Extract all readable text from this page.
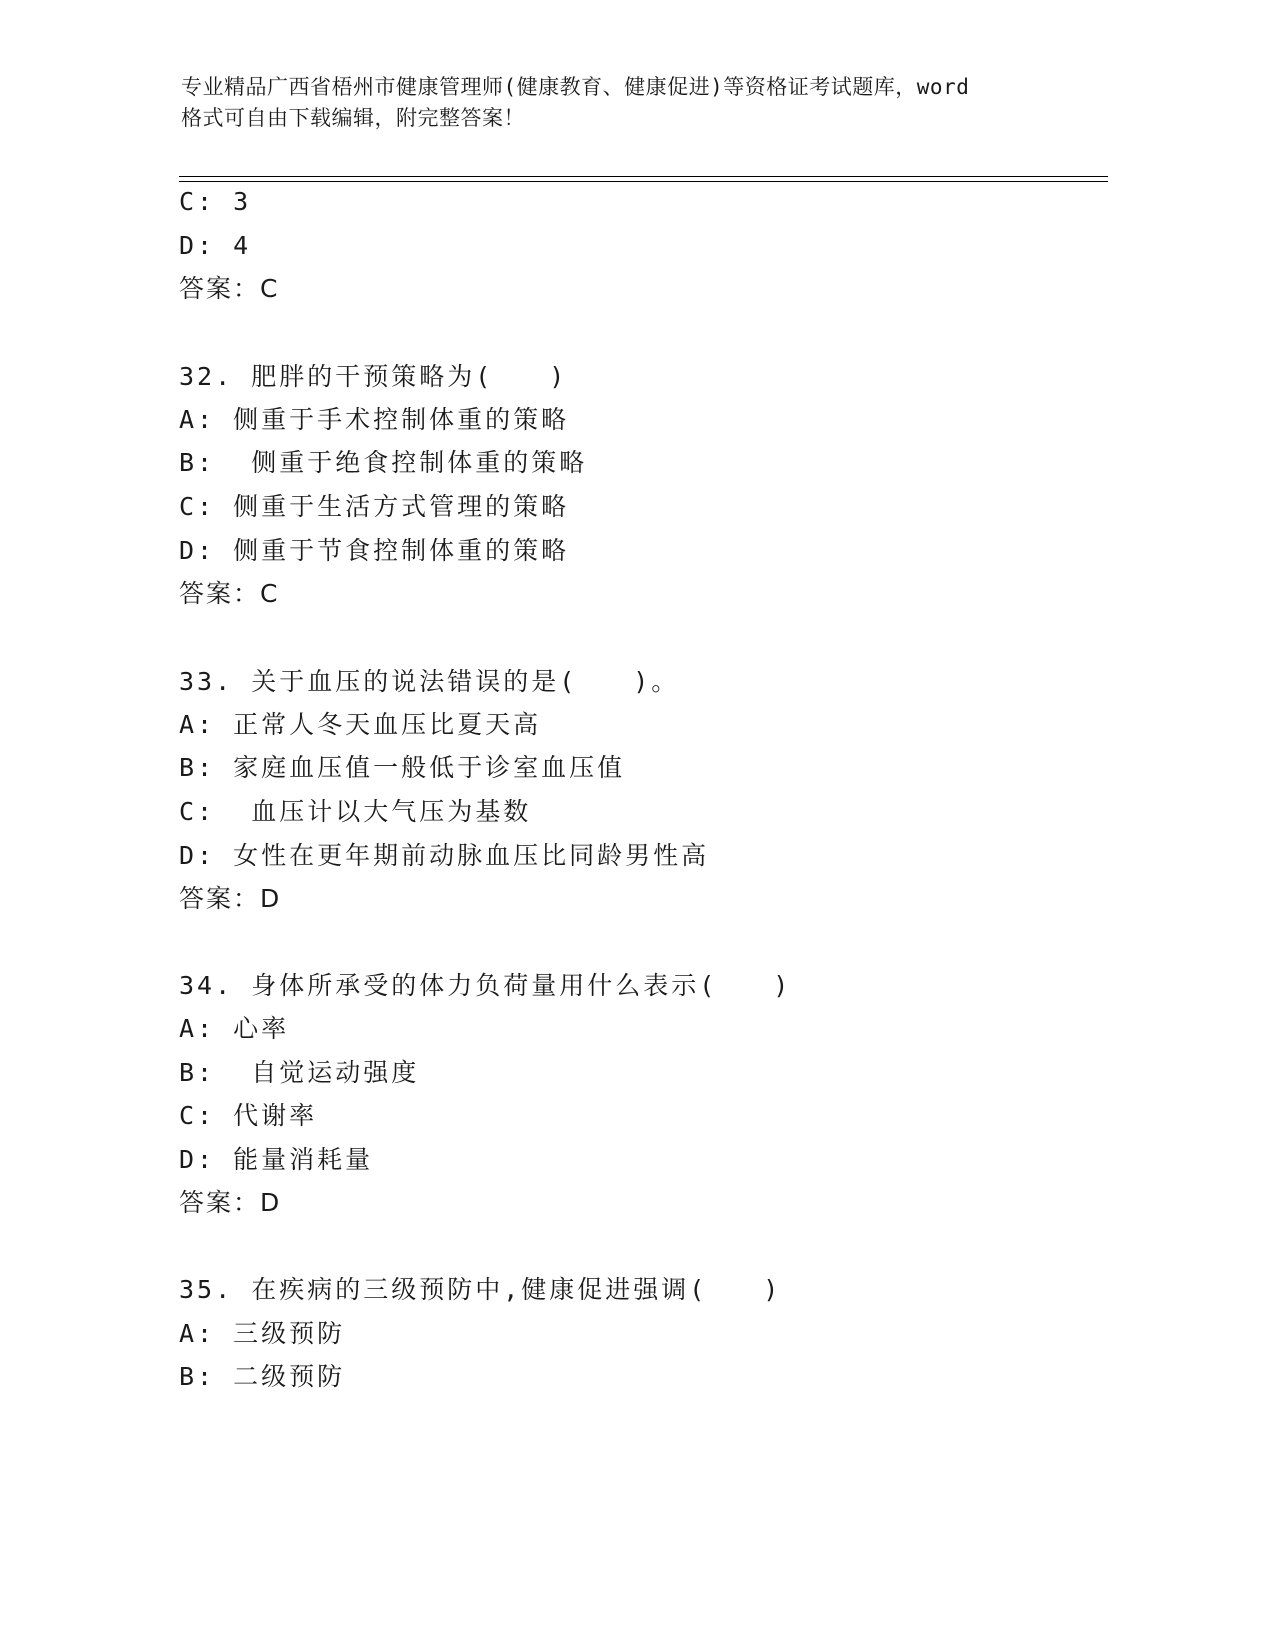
专业精品广西省梧州市健康管理师(健康教育、健康促进)等资格证考试题库，word
格式可自由下载编辑，附完整答案！
C: 3
D: 4
答案：C
32. 肥胖的干预策略为(　　)
A: 侧重于手术控制体重的策略
B:  侧重于绝食控制体重的策略
C: 侧重于生活方式管理的策略
D: 侧重于节食控制体重的策略
答案：C
33. 关于血压的说法错误的是(　　)。
A: 正常人冬天血压比夏天高
B: 家庭血压值一般低于诊室血压值
C:  血压计以大气压为基数
D: 女性在更年期前动脉血压比同龄男性高
答案：D
34. 身体所承受的体力负荷量用什么表示(　　)
A: 心率
B:  自觉运动强度
C: 代谢率
D: 能量消耗量
答案：D
35. 在疾病的三级预防中,健康促进强调(　　)
A: 三级预防
B: 二级预防
